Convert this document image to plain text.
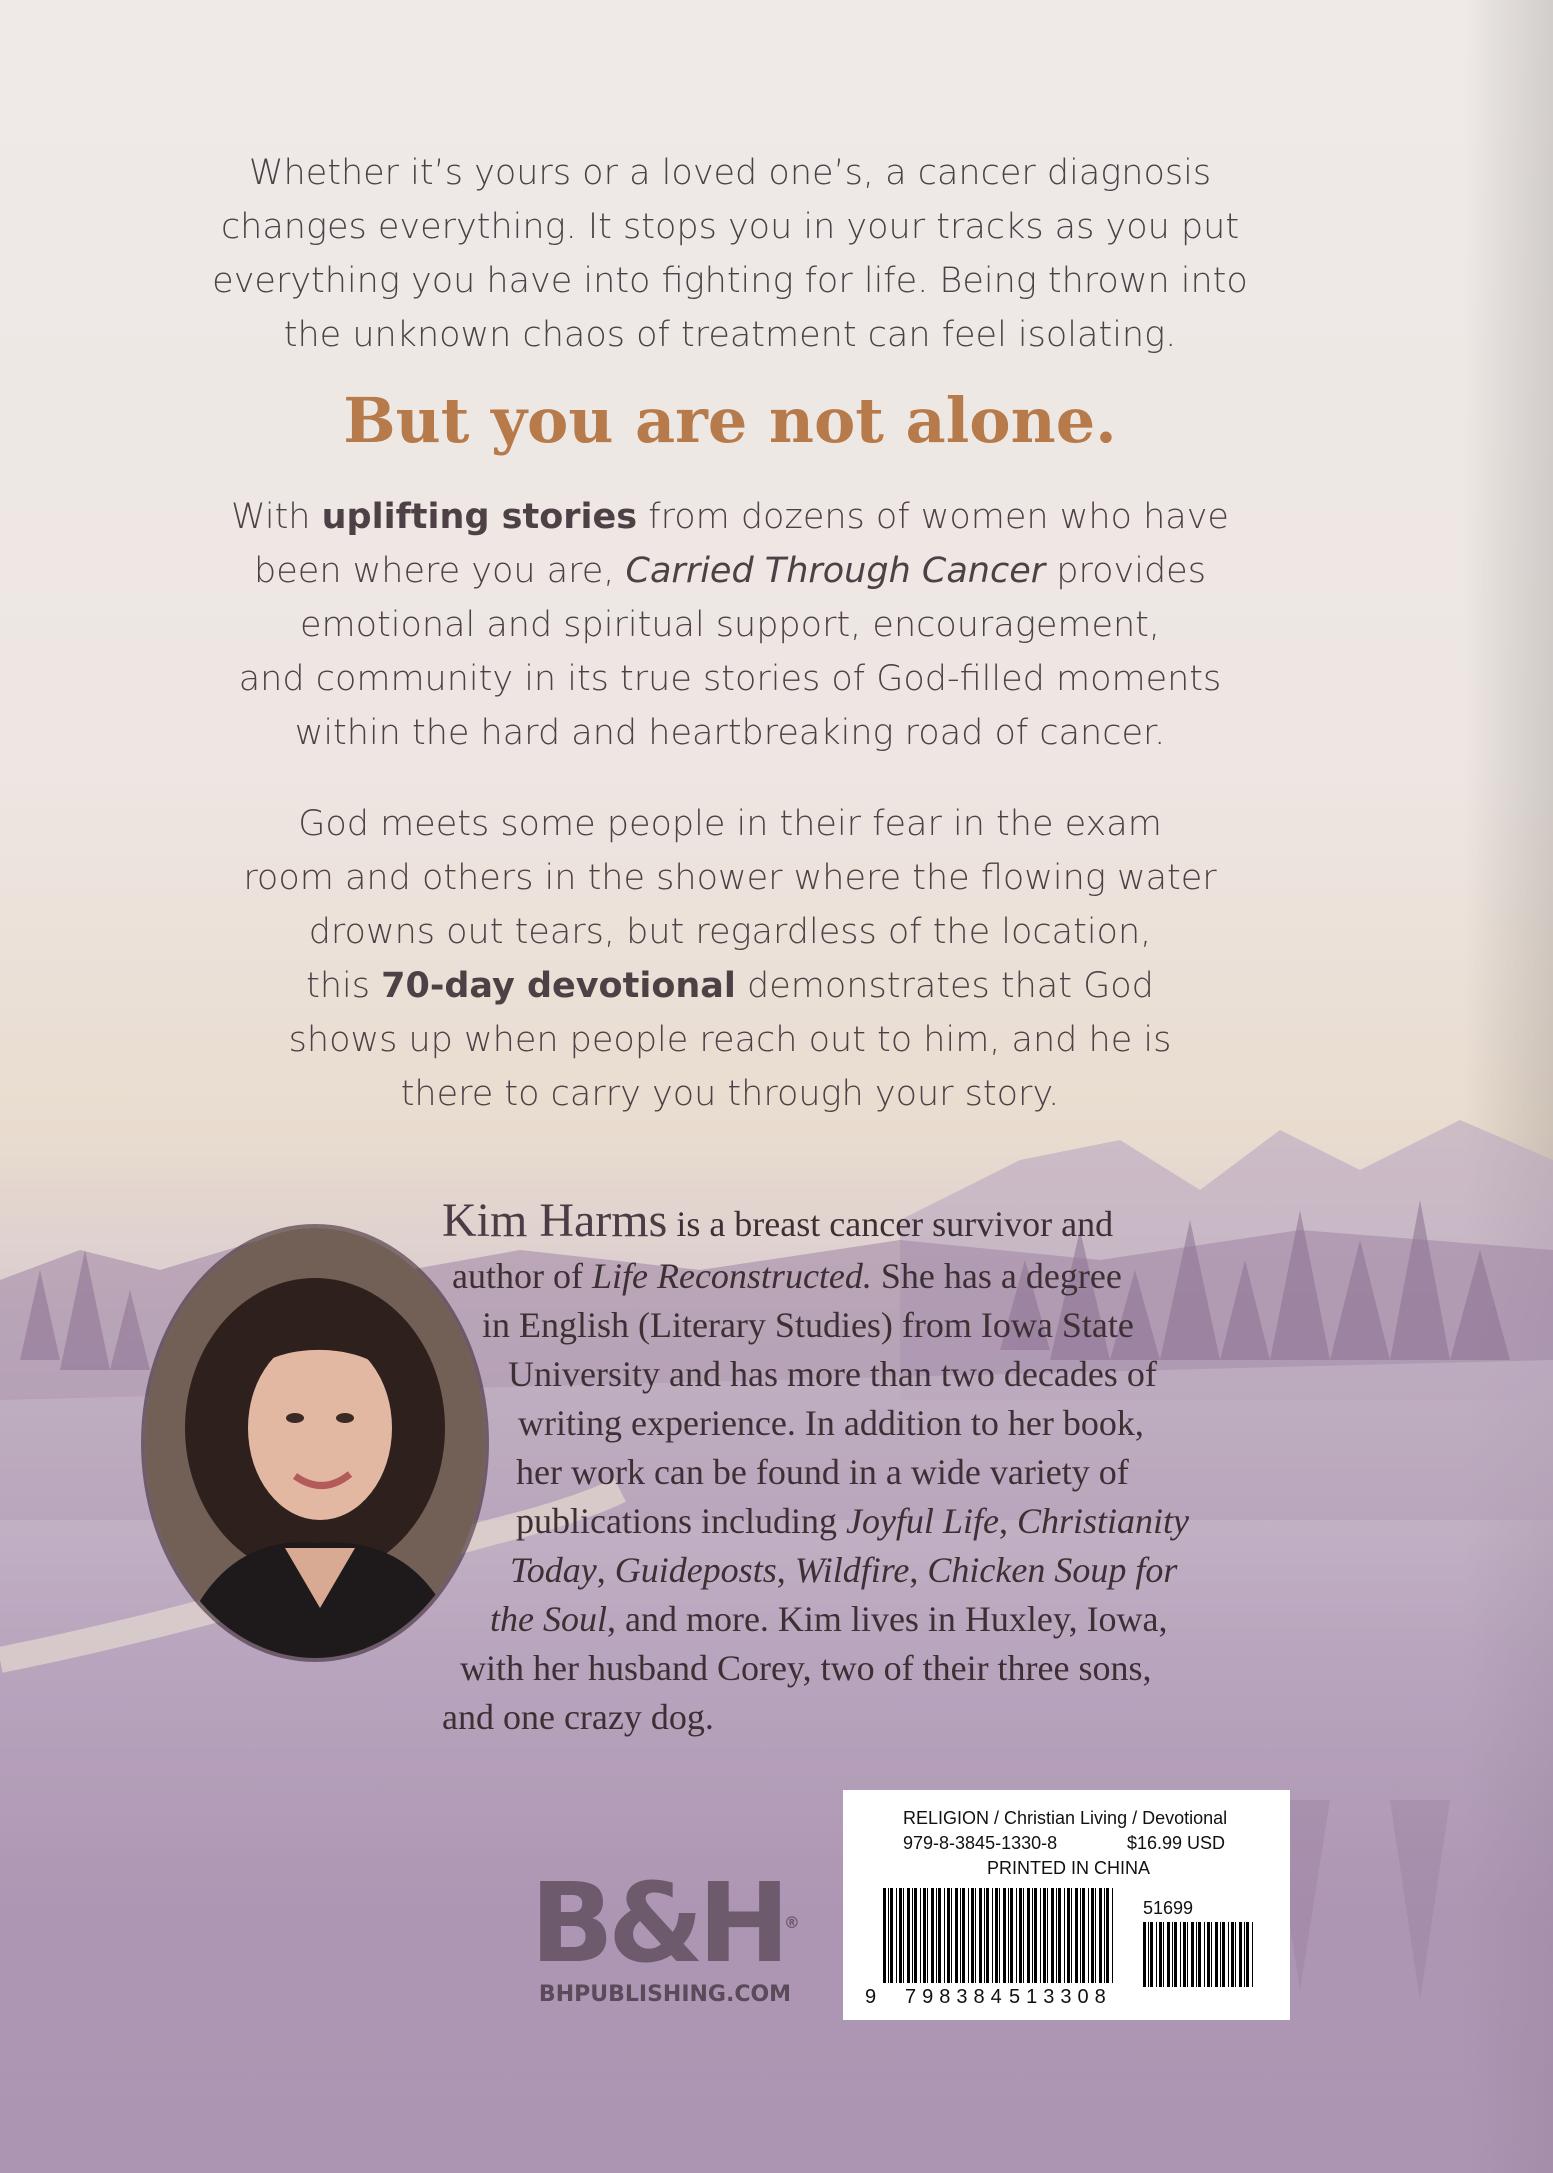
Whether it’s yours or a loved one’s, a cancer diagnosis

changes everything. It stops you in your tracks as you put

everything you have into fighting for life. Being thrown into

the unknown chaos of treatment can feel isolating.

But you are not alone.

With uplifting stories from dozens of women who have

been where you are, Carried Through Cancer provides

emotional and spiritual support, encouragement,

and community in its true stories of God-filled moments

within the hard and heartbreaking road of cancer.

God meets some people in their fear in the exam

room and others in the shower where the flowing water

drowns out tears, but regardless of the location,

this 70-day devotional demonstrates that God

shows up when people reach out to him, and he is

there to carry you through your story.

Kim Harms is a breast cancer survivor and
author of Life Reconstructed. She has a degree
in English (Literary Studies) from Iowa State
University and has more than two decades of
writing experience. In addition to her book,
her work can be found in a wide variety of
publications including Joyful Life, Christianity
Today, Guideposts, Wildfire, Chicken Soup for
the Soul, and more. Kim lives in Huxley, Iowa,
with her husband Corey, two of their three sons,
and one crazy dog.
B&H®
BHPUBLISHING.COM
RELIGION / Christian Living / Devotional
979-8-3845-1330-8	$16.99 USD
PRINTED IN CHINA
51699
9 798384 513308
